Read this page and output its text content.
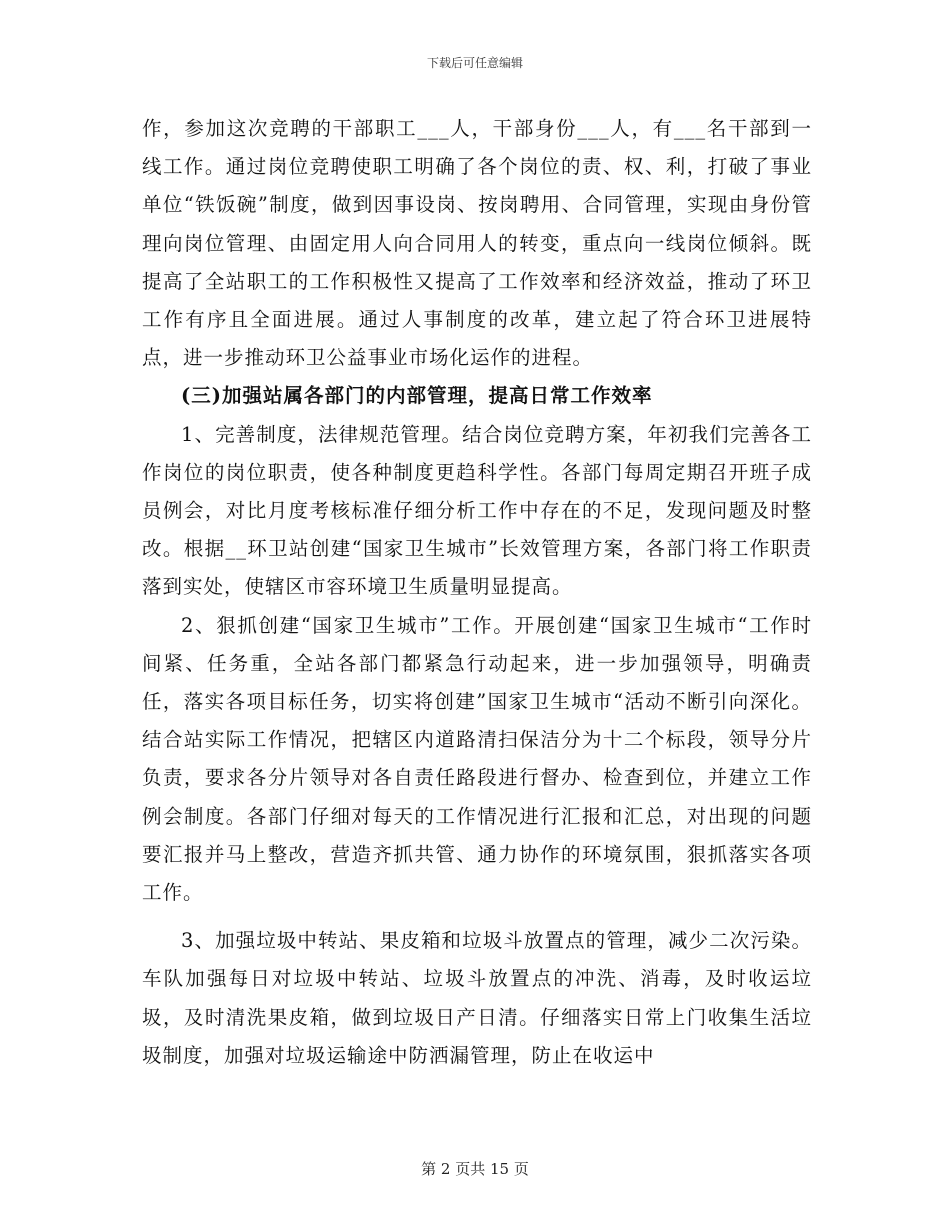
下载后可任意编辑

作，参加这次竞聘的干部职工___人，干部身份___人，有___名干部到一线工作。通过岗位竞聘使职工明确了各个岗位的责、权、利，打破了事业单位“铁饭碗”制度，做到因事设岗、按岗聘用、合同管理，实现由身份管理向岗位管理、由固定用人向合同用人的转变，重点向一线岗位倾斜。既提高了全站职工的工作积极性又提高了工作效率和经济效益，推动了环卫工作有序且全面进展。通过人事制度的改革，建立起了符合环卫进展特点，进一步推动环卫公益事业市场化运作的进程。

(三)加强站属各部门的内部管理，提高日常工作效率

1、完善制度，法律规范管理。结合岗位竞聘方案，年初我们完善各工作岗位的岗位职责，使各种制度更趋科学性。各部门每周定期召开班子成员例会，对比月度考核标准仔细分析工作中存在的不足，发现问题及时整改。根据__环卫站创建“国家卫生城市”长效管理方案，各部门将工作职责落到实处，使辖区市容环境卫生质量明显提高。

2、狠抓创建“国家卫生城市”工作。开展创建“国家卫生城市“工作时间紧、任务重，全站各部门都紧急行动起来，进一步加强领导，明确责任，落实各项目标任务，切实将创建”国家卫生城市“活动不断引向深化。结合站实际工作情况，把辖区内道路清扫保洁分为十二个标段，领导分片负责，要求各分片领导对各自责任路段进行督办、检查到位，并建立工作例会制度。各部门仔细对每天的工作情况进行汇报和汇总，对出现的问题要汇报并马上整改，营造齐抓共管、通力协作的环境氛围，狠抓落实各项工作。

3、加强垃圾中转站、果皮箱和垃圾斗放置点的管理，减少二次污染。车队加强每日对垃圾中转站、垃圾斗放置点的冲洗、消毒，及时收运垃圾，及时清洗果皮箱，做到垃圾日产日清。仔细落实日常上门收集生活垃圾制度，加强对垃圾运输途中防洒漏管理，防止在收运中

第 2 页共 15 页
